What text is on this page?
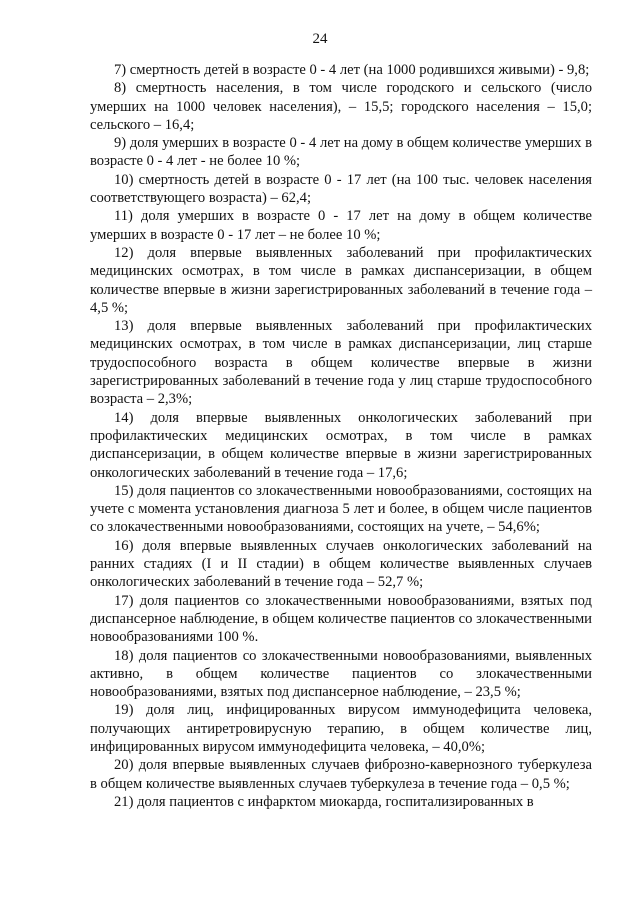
24

7) смертность детей в возрасте 0 - 4 лет (на 1000 родившихся живыми) - 9,8;

8) смертность населения, в том числе городского и сельского (число умерших на 1000 человек населения), – 15,5; городского населения – 15,0; сельского – 16,4;

9) доля умерших в возрасте 0 - 4 лет на дому в общем количестве умерших в возрасте 0 - 4 лет - не более 10 %;

10) смертность детей в возрасте 0 - 17 лет (на 100 тыс. человек населения соответствующего возраста) – 62,4;

11) доля умерших в возрасте 0 - 17 лет на дому в общем количестве умерших в возрасте 0 - 17 лет – не более 10 %;

12) доля впервые выявленных заболеваний при профилактических медицинских осмотрах, в том числе в рамках диспансеризации, в общем количестве впервые в жизни зарегистрированных заболеваний в течение года – 4,5 %;

13) доля впервые выявленных заболеваний при профилактических медицинских осмотрах, в том числе в рамках диспансеризации, лиц старше трудоспособного возраста в общем количестве впервые в жизни зарегистрированных заболеваний в течение года у лиц старше трудоспособного возраста – 2,3%;

14) доля впервые выявленных онкологических заболеваний при профилактических медицинских осмотрах, в том числе в рамках диспансеризации, в общем количестве впервые в жизни зарегистрированных онкологических заболеваний в течение года – 17,6;

15) доля пациентов со злокачественными новообразованиями, состоящих на учете с момента установления диагноза 5 лет и более, в общем числе пациентов со злокачественными новообразованиями, состоящих на учете, – 54,6%;

16) доля впервые выявленных случаев онкологических заболеваний на ранних стадиях (I и II стадии) в общем количестве выявленных случаев онкологических заболеваний в течение года – 52,7 %;

17) доля пациентов со злокачественными новообразованиями, взятых под диспансерное наблюдение, в общем количестве пациентов со злокачественными новообразованиями 100 %.

18) доля пациентов со злокачественными новообразованиями, выявленных активно, в общем количестве пациентов со злокачественными новообразованиями, взятых под диспансерное наблюдение, – 23,5 %;

19) доля лиц, инфицированных вирусом иммунодефицита человека, получающих антиретровирусную терапию, в общем количестве лиц, инфицированных вирусом иммунодефицита человека, – 40,0%;

20) доля впервые выявленных случаев фиброзно-кавернозного туберкулеза в общем количестве выявленных случаев туберкулеза в течение года – 0,5 %;

21) доля пациентов с инфарктом миокарда, госпитализированных в
